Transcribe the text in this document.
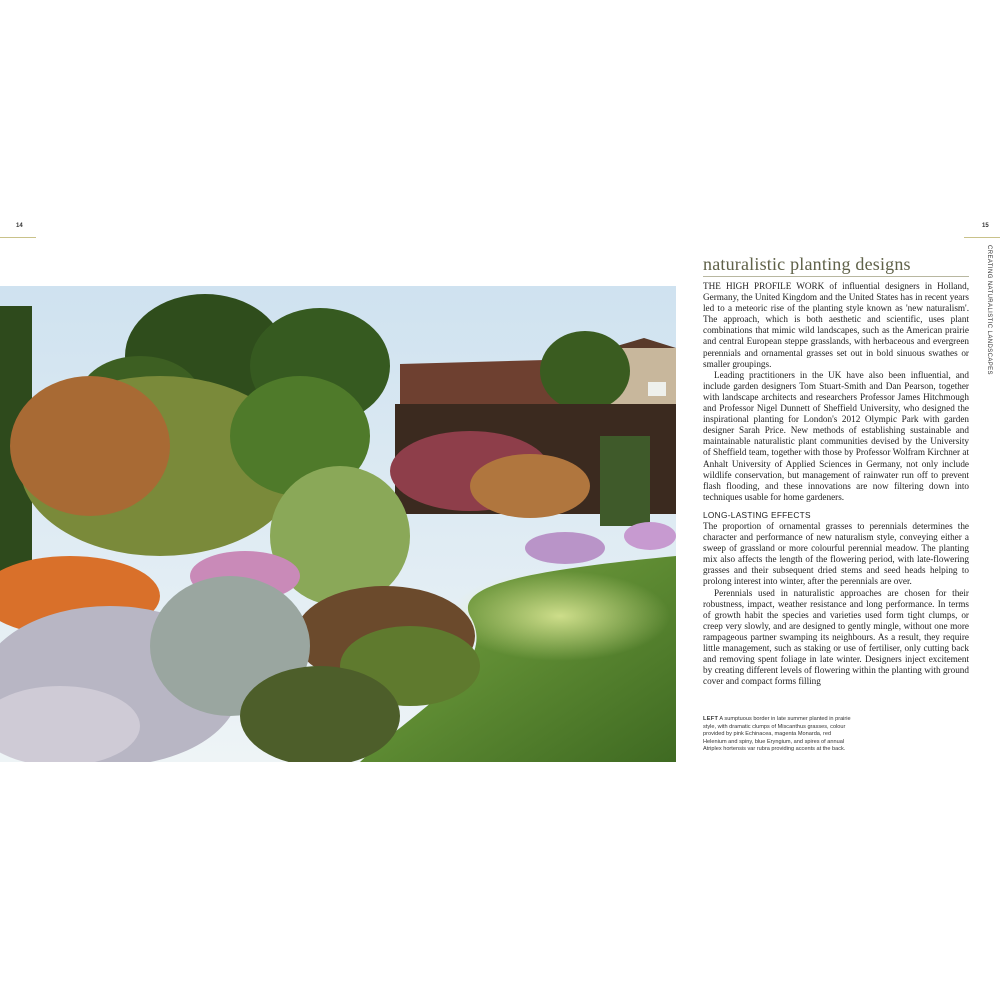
14	15
CREATING NATURALISTIC LANDSCAPES
naturalistic planting designs

THE HIGH PROFILE WORK of influential designers in Holland, Germany, the United Kingdom and the United States has in recent years led to a meteoric rise of the planting style known as 'new naturalism'. The approach, which is both aesthetic and scientific, uses plant combinations that mimic wild landscapes, such as the American prairie and central European steppe grasslands, with herbaceous and evergreen perennials and ornamental grasses set out in bold sinuous swathes or smaller groupings.

Leading practitioners in the UK have also been influential, and include garden designers Tom Stuart-Smith and Dan Pearson, together with landscape architects and researchers Professor James Hitchmough and Professor Nigel Dunnett of Sheffield University, who designed the inspirational planting for London's 2012 Olympic Park with garden designer Sarah Price. New methods of establishing sustainable and maintainable naturalistic plant communities devised by the University of Sheffield team, together with those by Professor Wolfram Kirchner at Anhalt University of Applied Sciences in Germany, not only include wildlife conservation, but management of rainwater run off to prevent flash flooding, and these innovations are now filtering down into techniques usable for home gardeners.

LONG-LASTING EFFECTS

The proportion of ornamental grasses to perennials determines the character and performance of new naturalism style, conveying either a sweep of grassland or more colourful perennial meadow. The planting mix also affects the length of the flowering period, with late-flowering grasses and their subsequent dried stems and seed heads helping to prolong interest into winter, after the perennials are over.

Perennials used in naturalistic approaches are chosen for their robustness, impact, weather resistance and long performance. In terms of growth habit the species and varieties used form tight clumps, or creep very slowly, and are designed to gently mingle, without one more rampageous partner swamping its neighbours. As a result, they require little management, such as staking or use of fertiliser, only cutting back and removing spent foliage in late winter. Designers inject excitement by creating different levels of flowering within the planting with ground cover and compact forms filling

LEFT A sumptuous border in late summer planted in prairie style, with dramatic clumps of Miscanthus grasses, colour provided by pink Echinacea, magenta Monarda, red Helenium and spiny, blue Eryngium, and spires of annual Atriplex hortensis var rubra providing accents at the back.
